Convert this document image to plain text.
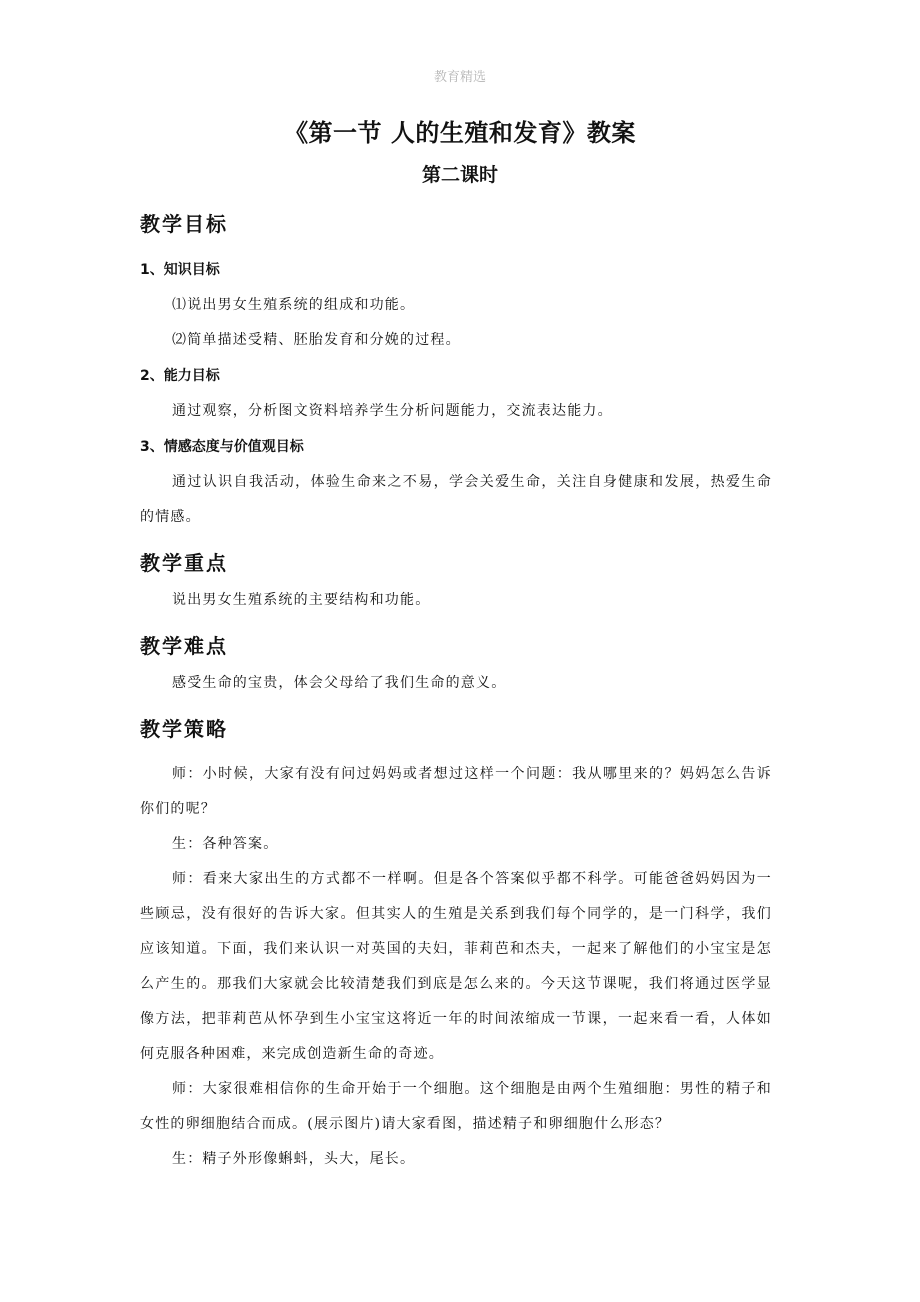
教育精选
《第一节 人的生殖和发育》教案
第二课时
教学目标
1、知识目标

⑴说出男女生殖系统的组成和功能。

⑵简单描述受精、胚胎发育和分娩的过程。

2、能力目标

通过观察，分析图文资料培养学生分析问题能力，交流表达能力。

3、情感态度与价值观目标

通过认识自我活动，体验生命来之不易，学会关爱生命，关注自身健康和发展，热爱生命的情感。

教学重点

说出男女生殖系统的主要结构和功能。

教学难点

感受生命的宝贵，体会父母给了我们生命的意义。

教学策略

师：小时候，大家有没有问过妈妈或者想过这样一个问题：我从哪里来的？妈妈怎么告诉你们的呢？

生：各种答案。

师：看来大家出生的方式都不一样啊。但是各个答案似乎都不科学。可能爸爸妈妈因为一些顾忌，没有很好的告诉大家。但其实人的生殖是关系到我们每个同学的，是一门科学，我们应该知道。下面，我们来认识一对英国的夫妇，菲莉芭和杰夫，一起来了解他们的小宝宝是怎么产生的。那我们大家就会比较清楚我们到底是怎么来的。今天这节课呢，我们将通过医学显像方法，把菲莉芭从怀孕到生小宝宝这将近一年的时间浓缩成一节课，一起来看一看，人体如何克服各种困难，来完成创造新生命的奇迹。

师：大家很难相信你的生命开始于一个细胞。这个细胞是由两个生殖细胞：男性的精子和女性的卵细胞结合而成。(展示图片)请大家看图，描述精子和卵细胞什么形态？

生：精子外形像蝌蚪，头大，尾长。
